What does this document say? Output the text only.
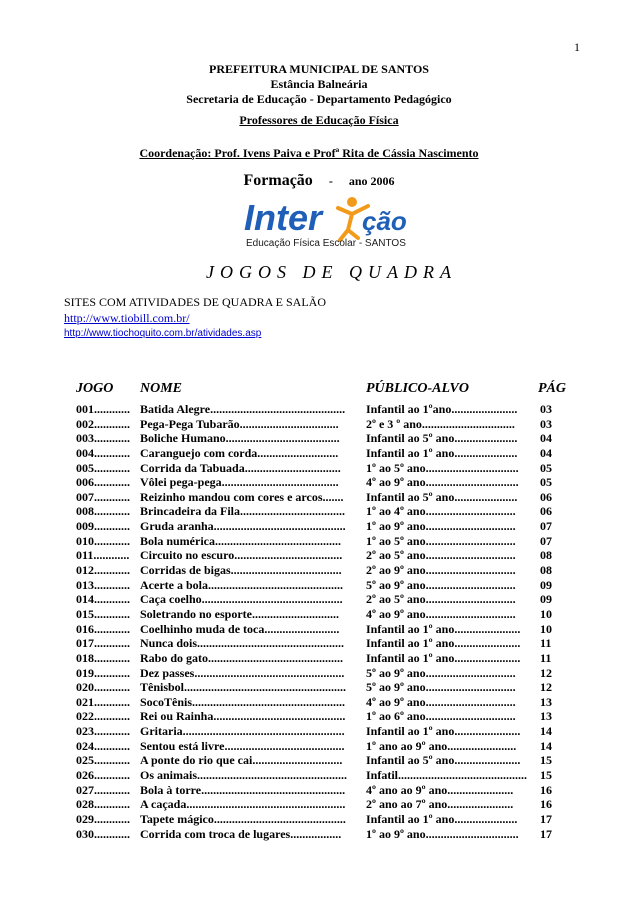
1
PREFEITURA MUNICIPAL DE SANTOS
Estância Balneária
Secretaria de Educação - Departamento Pedagógico
Professores de Educação Física
Coordenação: Prof. Ivens Paiva e Profª Rita de Cássia Nascimento
Formação - ano 2006
Inter ção
Educação Física Escolar - SANTOS
JOGOS DE QUADRA
SITES COM ATIVIDADES DE QUADRA E SALÃO
http://www.tiobill.com.br/
http://www.tiochoquito.com.br/atividades.asp
JOGO NOME	PÚBLICO-ALVO	PÁG
001............ Batida Alegre.............................................	Infantil ao 1ºano......................	03
002............ Pega-Pega Tubarão.................................	2º e 3 º ano...............................	03
003............ Boliche Humano......................................	Infantil ao 5º ano.....................	04
004............ Caranguejo com corda...........................	Infantil ao 1º ano.....................	04
005............ Corrida da Tabuada................................	1º ao 5º ano...............................	05
006............ Vôlei pega-pega.......................................	4º ao 9º ano...............................	05
007............ Reizinho mandou com cores e arcos.......	Infantil ao 5º ano.....................	06
008............ Brincadeira da Fila...................................	1º ao 4º ano..............................	06
009............ Gruda aranha............................................	1º ao 9º ano..............................	07
010............ Bola numérica..........................................	1º ao 5º ano..............................	07
011............ Circuito no escuro....................................	2º ao 5º ano..............................	08
012............ Corridas de bigas.....................................	2º ao 9º ano..............................	08
013............ Acerte a bola.............................................	5º ao 9º ano..............................	09
014............ Caça coelho...............................................	2º ao 5º ano..............................	09
015............ Soletrando no esporte.............................	4º ao 9º ano..............................	10
016............ Coelhinho muda de toca.........................	Infantil ao 1º ano......................	10
017............ Nunca dois.................................................	Infantil ao 1º ano......................	11
018............ Rabo do gato.............................................	Infantil ao 1º ano......................	11
019............ Dez passes..................................................	5º ao 9º ano..............................	12
020............ Tênisbol......................................................	5º ao 9º ano..............................	12
021............ SocoTênis...................................................	4º ao 9º ano..............................	13
022............ Rei ou Rainha............................................	1º ao 6º ano..............................	13
023............ Gritaria......................................................	Infantil ao 1º ano......................	14
024............ Sentou está livre........................................	1º ano ao 9º ano.......................	14
025............ A ponte do rio que cai..............................	Infantil ao 5º ano......................	15
026............ Os animais..................................................	Infatil...........................................	15
027............ Bola à torre................................................	4º ano ao 9º ano......................	16
028............ A caçada.....................................................	2º ano ao 7º ano......................	16
029............ Tapete mágico............................................	Infantil ao 1º ano.....................	17
030............ Corrida com troca de lugares.................	1º ao 9º ano...............................	17
